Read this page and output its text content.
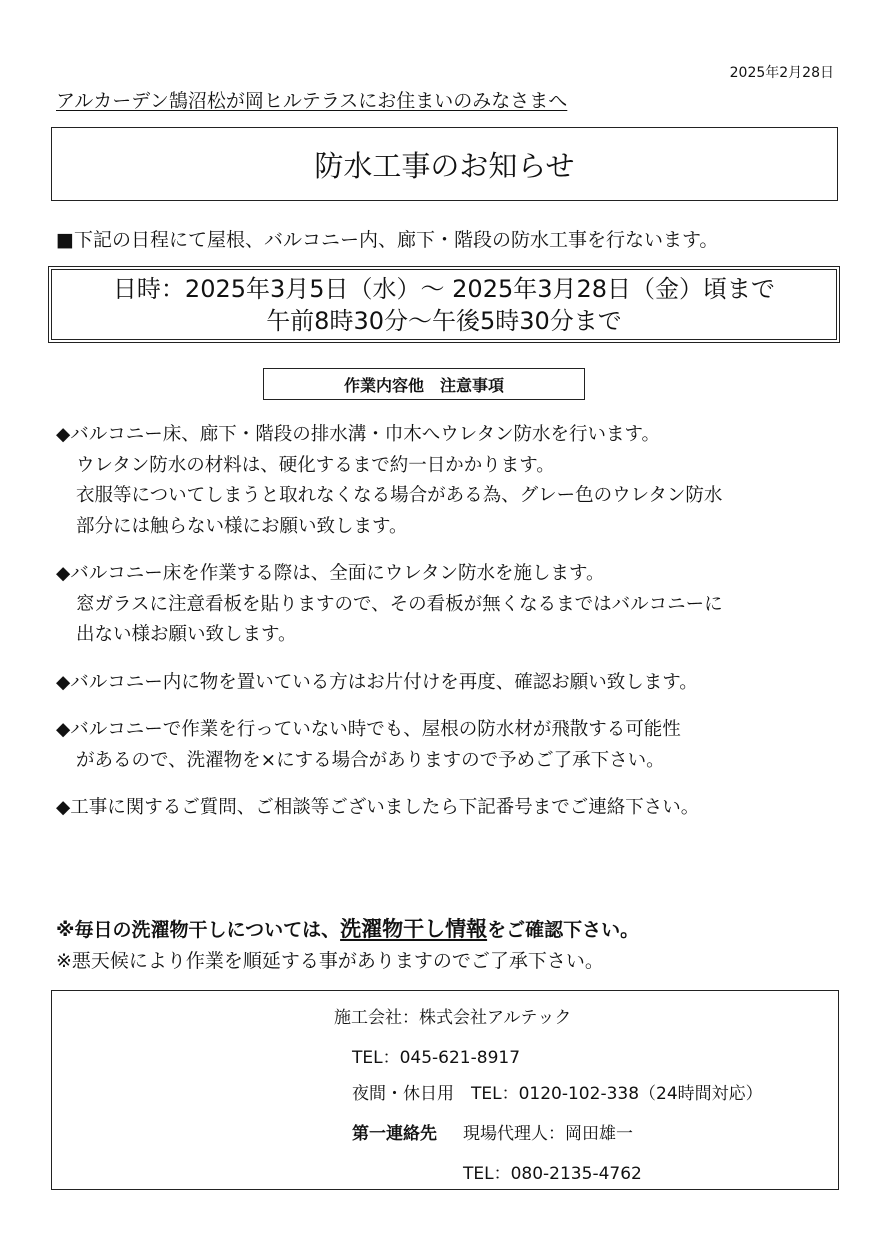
2025年2月28日
アルカーデン鵠沼松が岡ヒルテラスにお住まいのみなさまへ
防水工事のお知らせ
■下記の日程にて屋根、バルコニー内、廊下・階段の防水工事を行ないます。
日時：2025年3月5日（水）～ 2025年3月28日（金）頃まで
午前8時30分～午後5時30分まで
作業内容他　注意事項
◆バルコニー床、廊下・階段の排水溝・巾木へウレタン防水を行います。
ウレタン防水の材料は、硬化するまで約一日かかります。
衣服等についてしまうと取れなくなる場合がある為、グレー色のウレタン防水
部分には触らない様にお願い致します。
◆バルコニー床を作業する際は、全面にウレタン防水を施します。
窓ガラスに注意看板を貼りますので、その看板が無くなるまではバルコニーに
出ない様お願い致します。
◆バルコニー内に物を置いている方はお片付けを再度、確認お願い致します。
◆バルコニーで作業を行っていない時でも、屋根の防水材が飛散する可能性
があるので、洗濯物を×にする場合がありますので予めご了承下さい。
◆工事に関するご質問、ご相談等ございましたら下記番号までご連絡下さい。
※毎日の洗濯物干しについては、洗濯物干し情報をご確認下さい。
※悪天候により作業を順延する事がありますのでご了承下さい。
施工会社：株式会社アルテック
TEL：045-621-8917
夜間・休日用　TEL：0120-102-338（24時間対応）
第一連絡先 現場代理人：岡田雄一
TEL：080-2135-4762
